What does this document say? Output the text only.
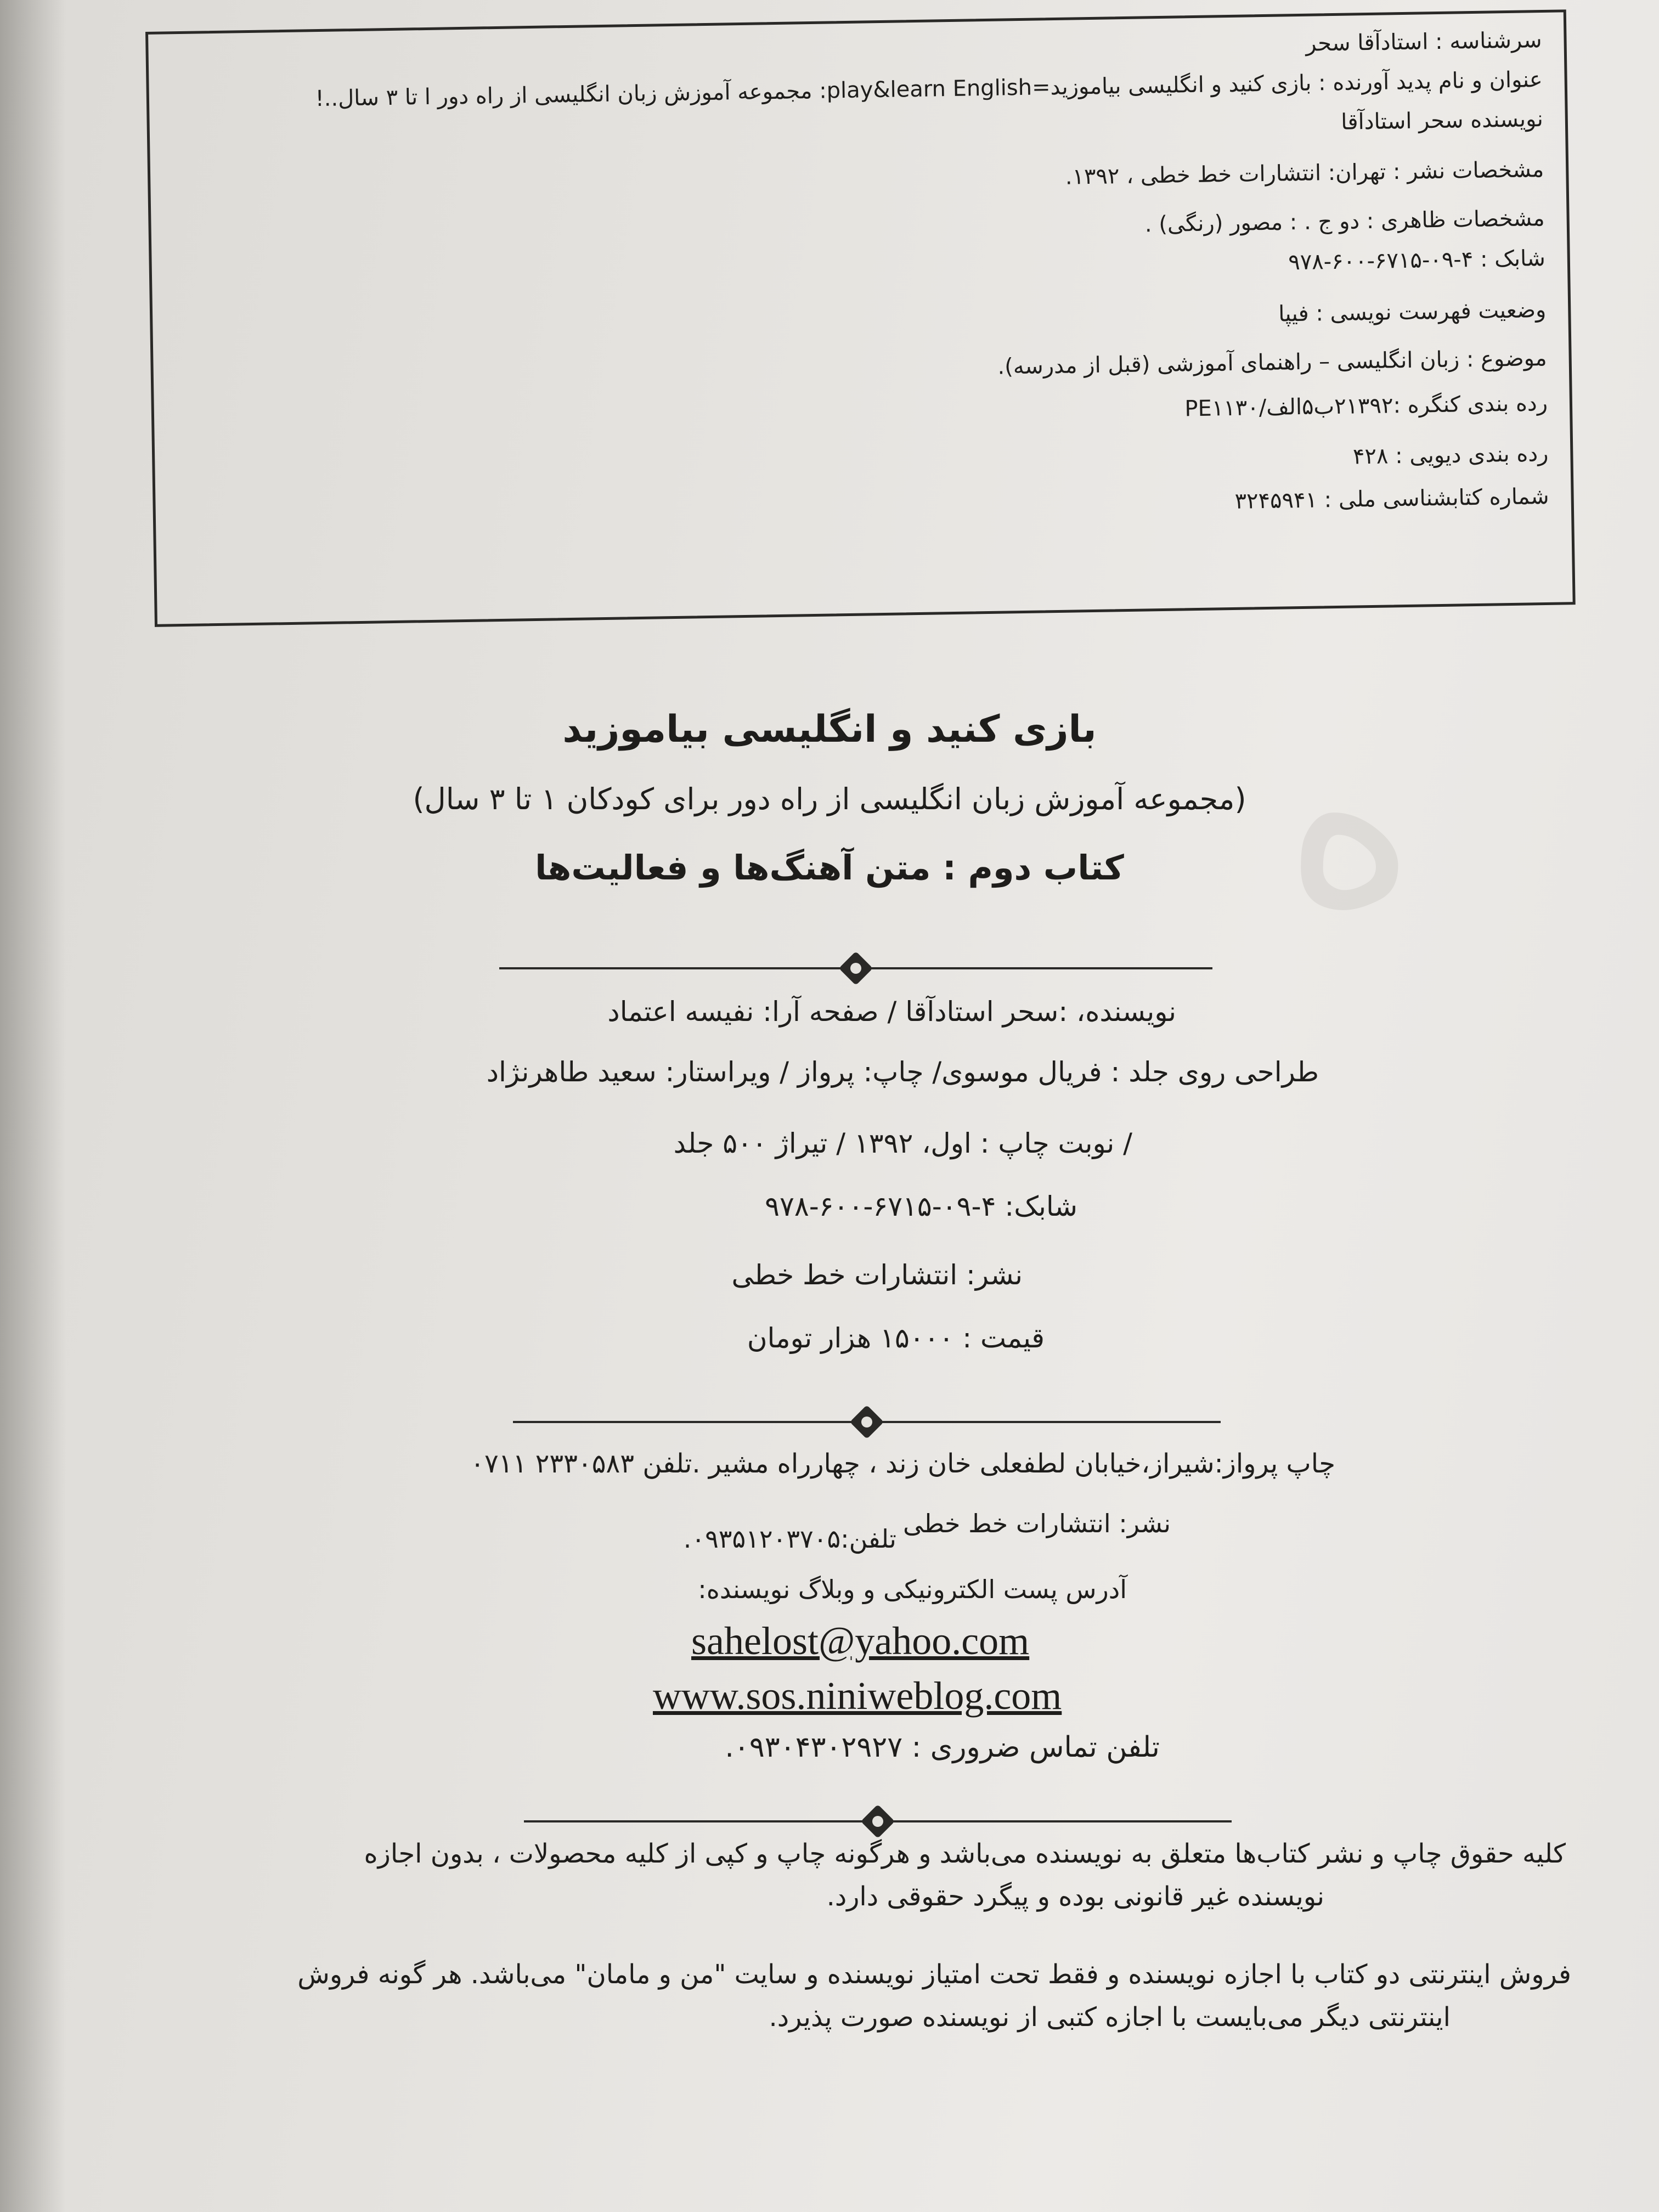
ه
سرشناسه : استادآقا سحر
عنوان و نام پدید آورنده : بازی کنید و انگلیسی بیاموزید=play&learn English: مجموعه آموزش زبان انگلیسی از راه دور ا تا ۳ سال..!
نویسنده سحر استادآقا
مشخصات نشر : تهران: انتشارات خط خطی ، ۱۳۹۲.
مشخصات ظاهری : دو ج . : مصور (رنگی) .
شابک : ۴-۰۹-۶۷۱۵-۶۰۰-۹۷۸
وضعیت فهرست نویسی : فیپا
موضوع : زبان انگلیسی – راهنمای آموزشی (قبل از مدرسه).
رده بندی کنگره :۲۱۳۹۲ب۵الف/PE۱۱۳۰
رده بندی دیویی : ۴۲۸
شماره کتابشناسی ملی : ۳۲۴۵۹۴۱
بازی کنید و انگلیسی بیاموزید
(مجموعه آموزش زبان انگلیسی از راه دور برای کودکان ۱ تا ۳ سال)
کتاب دوم : متن آهنگ‌ها و فعالیت‌ها
نویسنده، :سحر استادآقا / صفحه آرا: نفیسه اعتماد
طراحی روی جلد : فریال موسوی/ چاپ: پرواز / ویراستار: سعید طاهرنژاد
/ نوبت چاپ : اول، ۱۳۹۲ / تیراژ ۵۰۰ جلد
شابک: ۴-۰۹-۶۷۱۵-۶۰۰-۹۷۸
نشر: انتشارات خط خطی
قیمت : ۱۵۰۰۰ هزار تومان
چاپ پرواز:شیراز،خیابان لطفعلی خان زند ، چهارراه مشیر .تلفن ۲۳۳۰۵۸۳ ۰۷۱۱
نشر: انتشارات خط خطی
تلفن:۰۹۳۵۱۲۰۳۷۰۵.
آدرس پست الکترونیکی و وبلاگ نویسنده:
sahelost@yahoo.com
www.sos.niniweblog.com
تلفن تماس ضروری : ۰۹۳۰۴۳۰۲۹۲۷.
کلیه حقوق چاپ و نشر کتاب‌ها متعلق به نویسنده می‌باشد و هرگونه چاپ و کپی از کلیه محصولات ، بدون اجازه
نویسنده غیر قانونی بوده و پیگرد حقوقی دارد.
فروش اینترنتی دو کتاب با اجازه نویسنده و فقط تحت امتیاز نویسنده و سایت "من و مامان" می‌باشد. هر گونه فروش
اینترنتی دیگر می‌بایست با اجازه کتبی از نویسنده صورت پذیرد.
